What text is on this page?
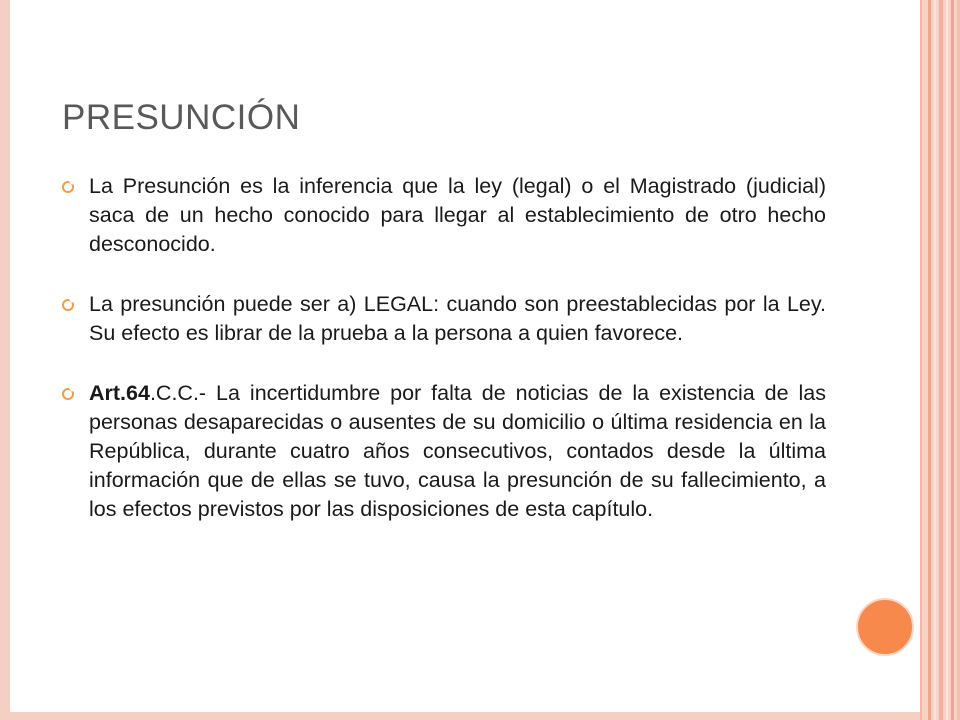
PRESUNCIÓN
La Presunción es la inferencia que la ley (legal) o el Magistrado (judicial) saca de un hecho conocido para llegar al establecimiento de otro hecho desconocido.
La presunción puede ser a) LEGAL: cuando son preestablecidas por la Ley. Su efecto es librar de la prueba a la persona a quien favorece.
Art.64.C.C.- La incertidumbre por falta de noticias de la existencia de las personas desaparecidas o ausentes de su domicilio o última residencia en la República, durante cuatro años consecutivos, contados desde la última información que de ellas se tuvo, causa la presunción de su fallecimiento, a los efectos previstos por las disposiciones de esta capítulo.
